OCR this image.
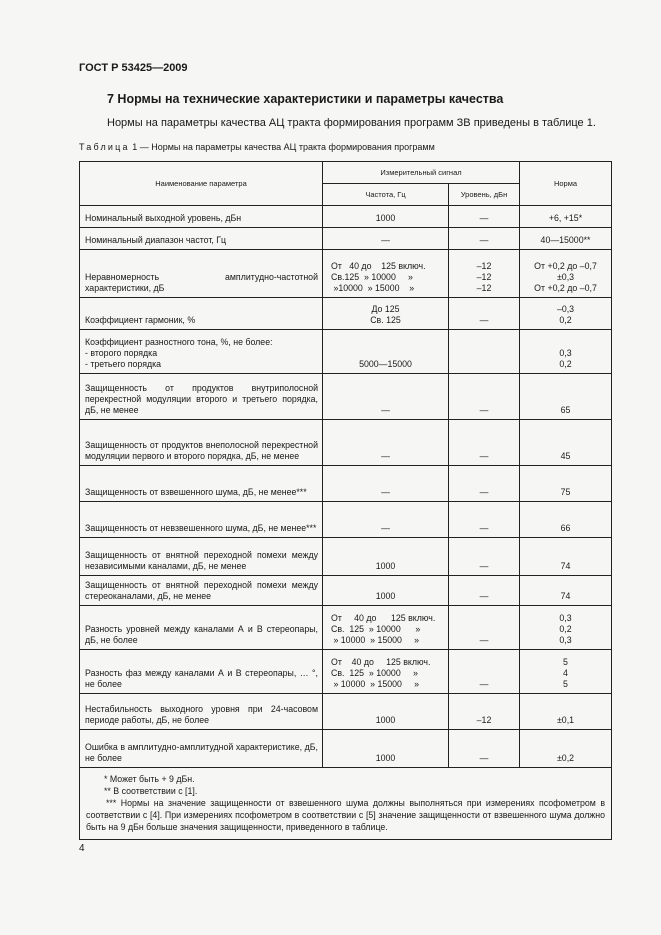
ГОСТ Р 53425—2009
7 Нормы на технические характеристики и параметры качества
Нормы на параметры качества АЦ тракта формирования программ ЗВ приведены в таблице 1.
Таблица 1 — Нормы на параметры качества АЦ тракта формирования программ
Наименование параметра	Измерительный сигнал		Норма
	Частота, Гц	Уровень, дБн	

Номинальный выходной уровень, дБн	1000	—	+6, +15*

Номинальный диапазон частот, Гц	—	—	40—15000**

Неравномерность амплитудно-частотной характеристики, дБ	От   40 до    125 включ.
Св.125  » 10000     »
»10000  » 15000    »	–12
–12
–12	От +0,2 до –0,7
±0,3
От +0,2 до –0,7

Коэффициент гармоник, %	До 125
Св. 125	—	–0,3
0,2

Коэффициент разностного тона, %, не более:
- второго порядка
- третьего порядка	5000—15000		0,3
0,2

Защищенность от продуктов внутриполосной перекрестной модуляции второго и третьего порядка, дБ, не менее	—	—	65

Защищенность от продуктов внеполосной перекрестной модуляции первого и второго порядка, дБ, не менее	—	—	45

Защищенность от взвешенного шума, дБ, не менее***	—	—	75

Защищенность от невзвешенного шума, дБ, не менее***	—	—	66

Защищенность от внятной переходной помехи между независимыми каналами, дБ, не менее	1000	—	74

Защищенность от внятной переходной помехи между стереоканалами, дБ, не менее	1000	—	74

Разность уровней между каналами А и В стереопары, дБ, не более	От     40 до      125 включ.
Св.  125  » 10000      »
» 10000  » 15000     »	—	0,3
0,2
0,3

Разность фаз между каналами А и В стереопары, … °, не более	От    40 до     125 включ.
Св.  125  » 10000     »
» 10000  » 15000     »	—	5
4
5

Нестабильность выходного уровня при 24-часовом периоде работы, дБ, не более	1000	–12	±0,1

Ошибка в амплитудно-амплитудной характеристике, дБ, не более	1000	—	±0,2

* Может быть + 9 дБн.
** В соответствии с [1].
*** Нормы на значение защищенности от взвешенного шума должны выполняться при измерениях псофометром в соответствии с [4]. При измерениях псофометром в соответствии с [5] значение защищенности от взвешенного шума должно быть на 9 дБн больше значения защищенности, приведенного в таблице.			
4
